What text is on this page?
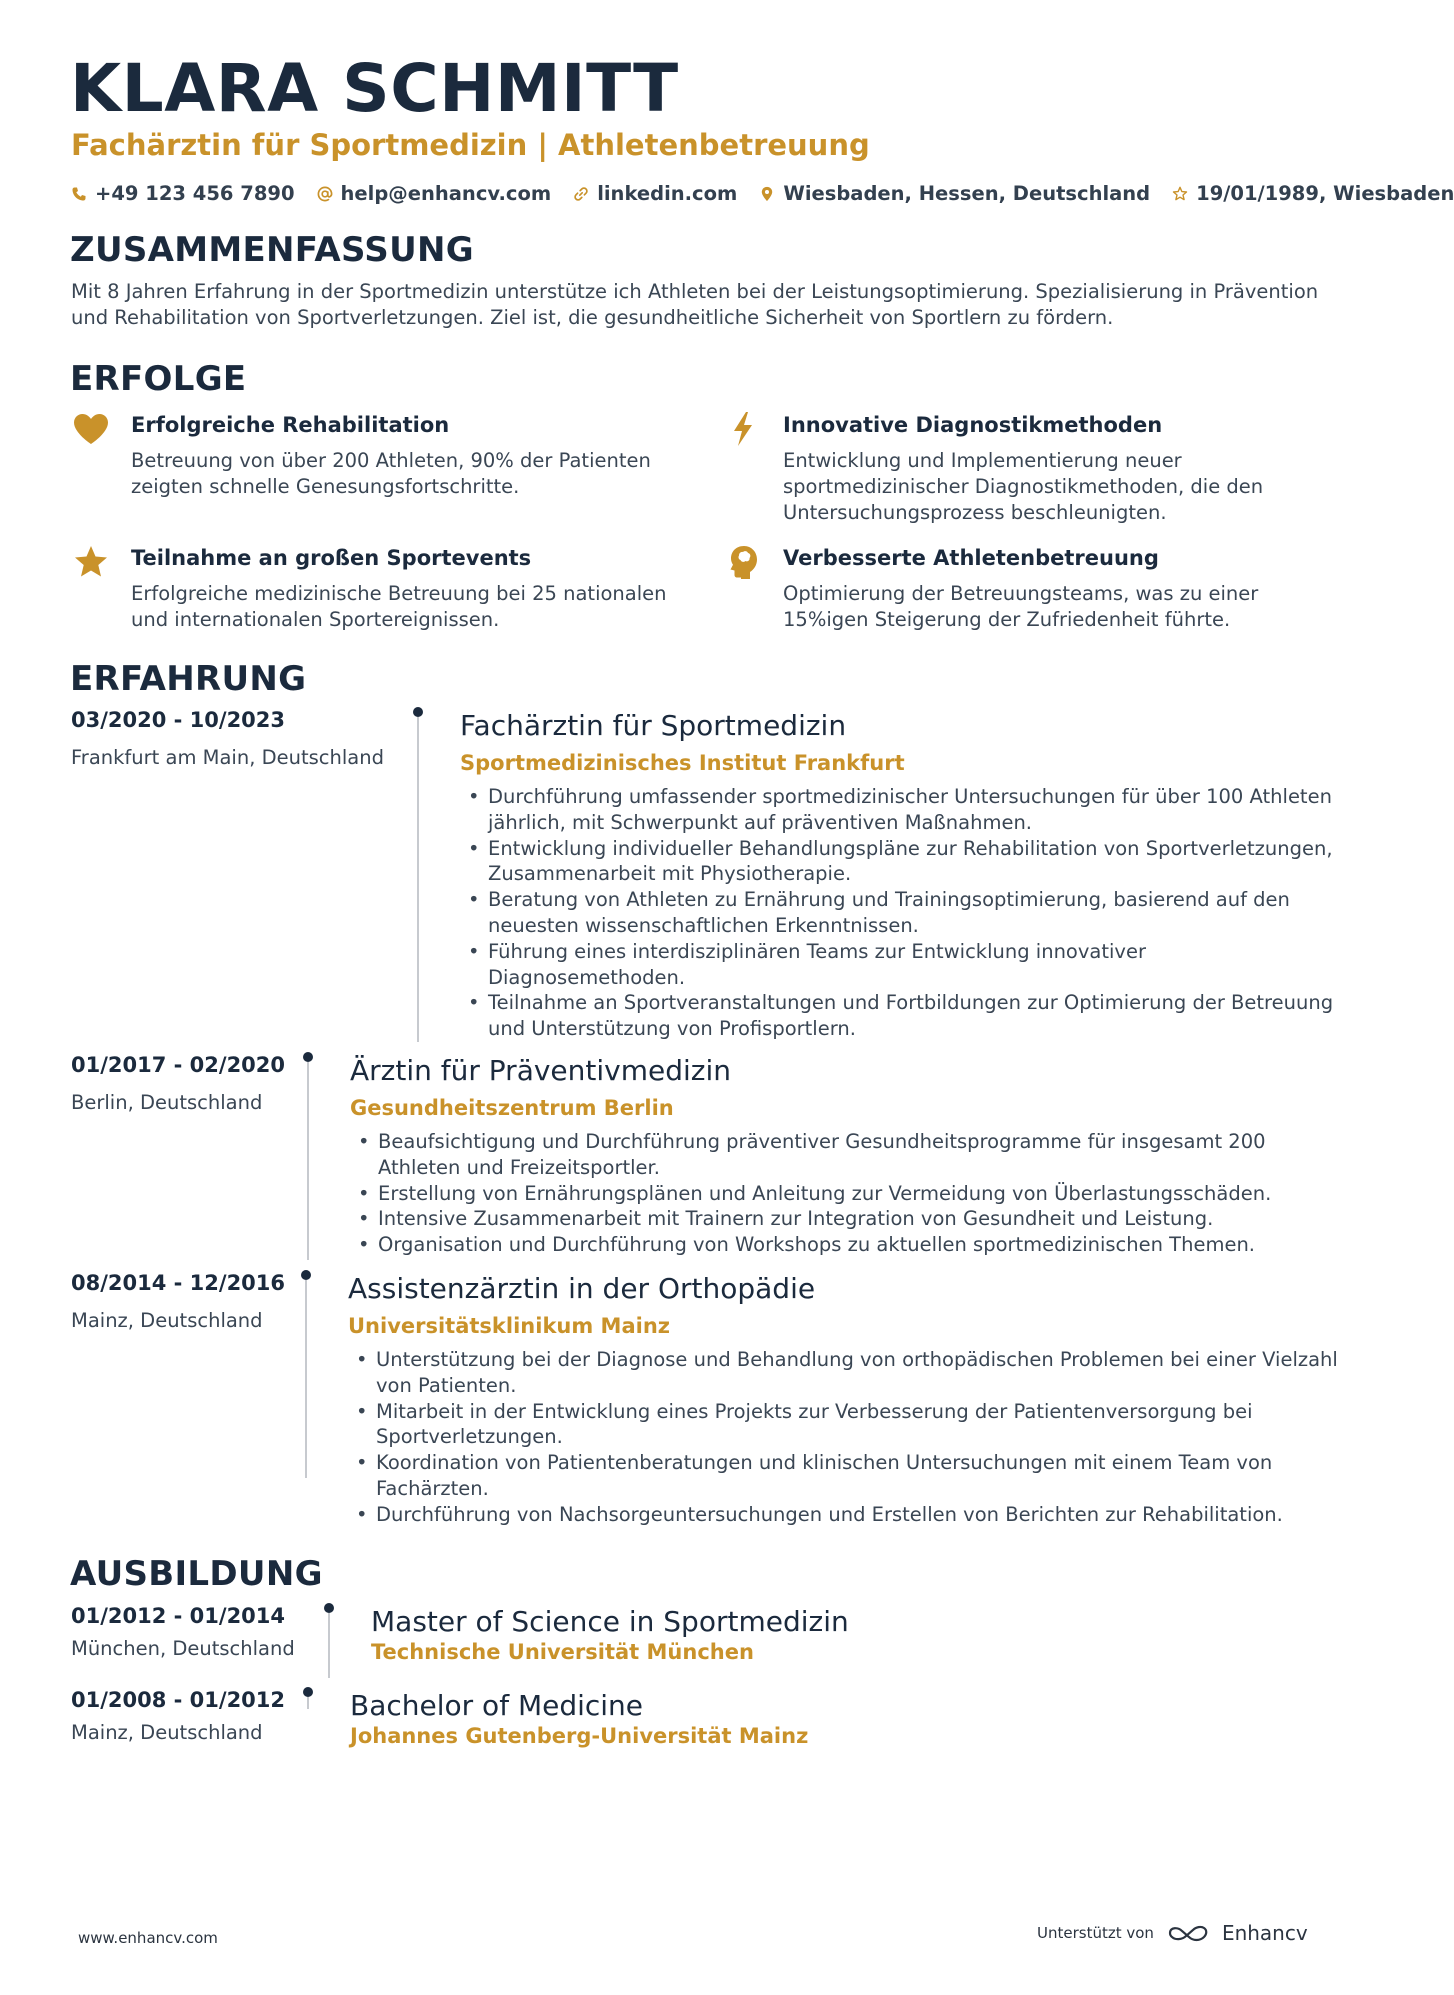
KLARA SCHMITT
Fachärztin für Sportmedizin | Athletenbetreuung
+49 123 456 7890 help@enhancv.com linkedin.com Wiesbaden, Hessen, Deutschland 19/01/1989, Wiesbaden
ZUSAMMENFASSUNG
Mit 8 Jahren Erfahrung in der Sportmedizin unterstütze ich Athleten bei der Leistungsoptimierung. Spezialisierung in Prävention und Rehabilitation von Sportverletzungen. Ziel ist, die gesundheitliche Sicherheit von Sportlern zu fördern.
ERFOLGE
Erfolgreiche Rehabilitation
Betreuung von über 200 Athleten, 90% der Patienten zeigten schnelle Genesungsfortschritte.
Innovative Diagnostikmethoden
Entwicklung und Implementierung neuer sportmedizinischer Diagnostikmethoden, die den Untersuchungsprozess beschleunigten.
Teilnahme an großen Sportevents
Erfolgreiche medizinische Betreuung bei 25 nationalen und internationalen Sportereignissen.
Verbesserte Athletenbetreuung
Optimierung der Betreuungsteams, was zu einer 15%igen Steigerung der Zufriedenheit führte.
ERFAHRUNG
03/2020 - 10/2023
Frankfurt am Main, Deutschland
Fachärztin für Sportmedizin
Sportmedizinisches Institut Frankfurt
• Durchführung umfassender sportmedizinischer Untersuchungen für über 100 Athleten jährlich, mit Schwerpunkt auf präventiven Maßnahmen.
• Entwicklung individueller Behandlungspläne zur Rehabilitation von Sportverletzungen, Zusammenarbeit mit Physiotherapie.
• Beratung von Athleten zu Ernährung und Trainingsoptimierung, basierend auf den neuesten wissenschaftlichen Erkenntnissen.
• Führung eines interdisziplinären Teams zur Entwicklung innovativer Diagnosemethoden.
• Teilnahme an Sportveranstaltungen und Fortbildungen zur Optimierung der Betreuung und Unterstützung von Profisportlern.
01/2017 - 02/2020
Berlin, Deutschland
Ärztin für Präventivmedizin
Gesundheitszentrum Berlin
• Beaufsichtigung und Durchführung präventiver Gesundheitsprogramme für insgesamt 200 Athleten und Freizeitsportler.
• Erstellung von Ernährungsplänen und Anleitung zur Vermeidung von Überlastungsschäden.
• Intensive Zusammenarbeit mit Trainern zur Integration von Gesundheit und Leistung.
• Organisation und Durchführung von Workshops zu aktuellen sportmedizinischen Themen.
08/2014 - 12/2016
Mainz, Deutschland
Assistenzärztin in der Orthopädie
Universitätsklinikum Mainz
• Unterstützung bei der Diagnose und Behandlung von orthopädischen Problemen bei einer Vielzahl von Patienten.
• Mitarbeit in der Entwicklung eines Projekts zur Verbesserung der Patientenversorgung bei Sportverletzungen.
• Koordination von Patientenberatungen und klinischen Untersuchungen mit einem Team von Fachärzten.
• Durchführung von Nachsorgeuntersuchungen und Erstellen von Berichten zur Rehabilitation.
AUSBILDUNG
01/2012 - 01/2014
München, Deutschland
Master of Science in Sportmedizin
Technische Universität München
01/2008 - 01/2012
Mainz, Deutschland
Bachelor of Medicine
Johannes Gutenberg-Universität Mainz
www.enhancv.com	Unterstützt von	Enhancv
